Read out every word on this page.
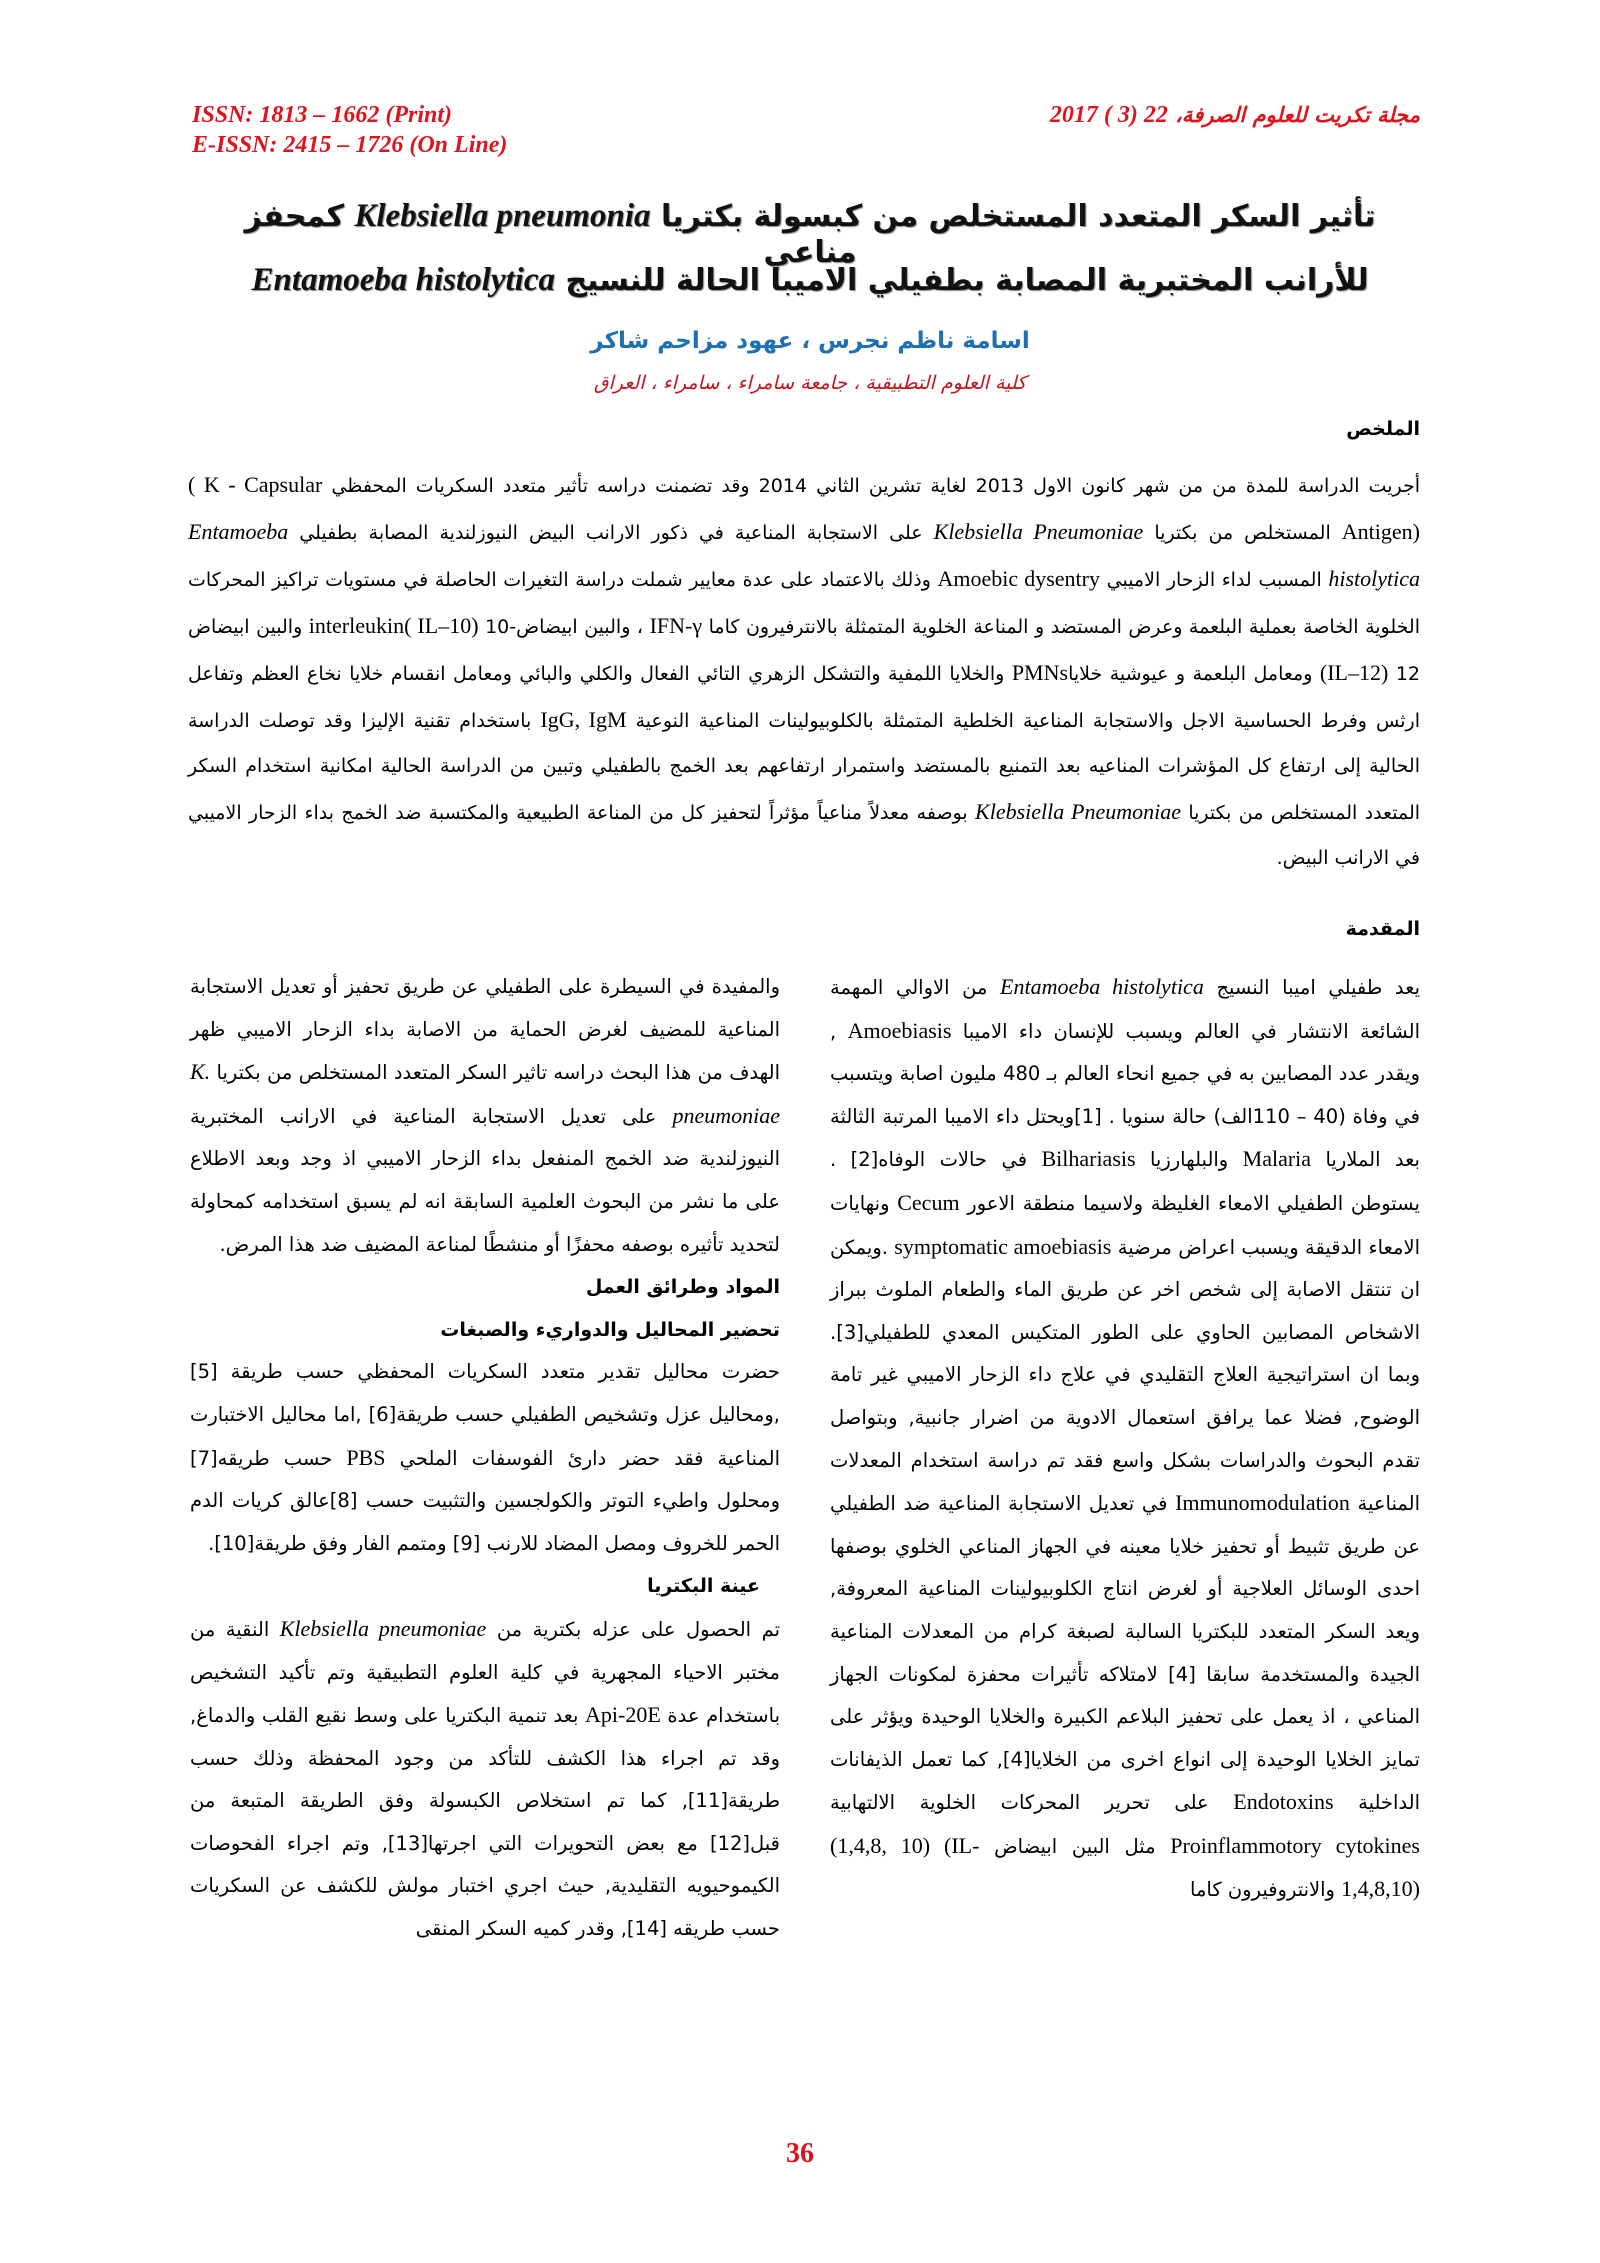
ISSN: 1813 – 1662 (Print)
E-ISSN: 2415 – 1726 (On Line)
مجلة تكريت للعلوم الصرفة، 2017 ( 3) 22
تأثير السكر المتعدد المستخلص من كبسولة بكتريا Klebsiella pneumonia كمحفز مناعي
للأرانب المختبرية المصابة بطفيلي الاميبا الحالة للنسيج Entamoeba histolytica
اسامة ناظم نجرس ، عهود مزاحم شاكر
كلية العلوم التطبيقية ، جامعة سامراء ، سامراء ، العراق
الملخص

أجريت الدراسة للمدة من من شهر كانون الاول 2013 لغاية تشرين الثاني 2014 وقد تضمنت دراسه تأثير متعدد السكريات المحفظي ( K - Capsular Antigen) المستخلص من بكتريا Klebsiella Pneumoniae على الاستجابة المناعية في ذكور الارانب البيض النيوزلندية المصابة بطفيلي Entamoeba histolytica المسبب لداء الزحار الاميبي Amoebic dysentry وذلك بالاعتماد على عدة معايير شملت دراسة التغيرات الحاصلة في مستويات تراكيز المحركات الخلوية الخاصة بعملية البلعمة وعرض المستضد و المناعة الخلوية المتمثلة بالانترفيرون كاما IFN-γ ، والبين ابيضاض-10 interleukin( IL–10) والبين ابيضاض 12 (IL–12) ومعامل البلعمة و عيوشية خلاياPMNs والخلايا اللمفية والتشكل الزهري التائي الفعال والكلي والبائي ومعامل انقسام خلايا نخاع العظم وتفاعل ارثس وفرط الحساسية الاجل والاستجابة المناعية الخلطية المتمثلة بالكلوبيولينات المناعية النوعية IgG, IgM باستخدام تقنية الإليزا وقد توصلت الدراسة الحالية إلى ارتفاع كل المؤشرات المناعيه بعد التمنيع بالمستضد واستمرار ارتفاعهم بعد الخمج بالطفيلي وتبين من الدراسة الحالية امكانية استخدام السكر المتعدد المستخلص من بكتريا Klebsiella Pneumoniae بوصفه معدلاً مناعياً مؤثراً لتحفيز كل من المناعة الطبيعية والمكتسبة ضد الخمج بداء الزحار الاميبي في الارانب البيض.

المقدمة

يعد طفيلي اميبا النسيج Entamoeba histolytica من الاوالي المهمة الشائعة الانتشار في العالم ويسبب للإنسان داء الاميبا Amoebiasis , ويقدر عدد المصابين به في جميع انحاء العالم بـ 480 مليون اصابة ويتسبب في وفاة (40 – 110الف) حالة سنويا . [1]ويحتل داء الاميبا المرتبة الثالثة بعد الملاريا Malaria والبلهارزيا Bilhariasis في حالات الوفاه[2] . يستوطن الطفيلي الامعاء الغليظة ولاسيما منطقة الاعور Cecum ونهايات الامعاء الدقيقة ويسبب اعراض مرضية symptomatic amoebiasis .ويمكن ان تنتقل الاصابة إلى شخص اخر عن طريق الماء والطعام الملوث ببراز الاشخاص المصابين الحاوي على الطور المتكيس المعدي للطفيلي[3]. وبما ان استراتيجية العلاج التقليدي في علاج داء الزحار الاميبي غير تامة الوضوح, فضلا عما يرافق استعمال الادوية من اضرار جانبية, وبتواصل تقدم البحوث والدراسات بشكل واسع فقد تم دراسة استخدام المعدلات المناعية Immunomodulation في تعديل الاستجابة المناعية ضد الطفيلي عن طريق تثبيط أو تحفيز خلايا معينه في الجهاز المناعي الخلوي بوصفها احدى الوسائل العلاجية أو لغرض انتاج الكلوبيولينات المناعية المعروفة, ويعد السكر المتعدد للبكتريا السالبة لصبغة كرام من المعدلات المناعية الجيدة والمستخدمة سابقا [4] لامتلاكه تأثيرات محفزة لمكونات الجهاز المناعي ، اذ يعمل على تحفيز البلاعم الكبيرة والخلايا الوحيدة ويؤثر على تمايز الخلايا الوحيدة إلى انواع اخرى من الخلايا[4], كما تعمل الذيفانات الداخلية Endotoxins على تحرير المحركات الخلوية الالتهابية Proinflammotory cytokines مثل البين ابيضاض (1,4,8, 10) (IL-1,4,8,10) والانتروفيرون كاما

والمفيدة في السيطرة على الطفيلي عن طريق تحفيز أو تعديل الاستجابة المناعية للمضيف لغرض الحماية من الاصابة بداء الزحار الاميبي ظهر الهدف من هذا البحث دراسه تاثير السكر المتعدد المستخلص من بكتريا K. pneumoniae على تعديل الاستجابة المناعية في الارانب المختبرية النيوزلندية ضد الخمج المنفعل بداء الزحار الاميبي اذ وجد وبعد الاطلاع على ما نشر من البحوث العلمية السابقة انه لم يسبق استخدامه كمحاولة لتحديد تأثيره بوصفه محفزًا أو منشطًا لمناعة المضيف ضد هذا المرض.

المواد وطرائق العمل

تحضير المحاليل والدواريء والصبغات

حضرت محاليل تقدير متعدد السكريات المحفظي حسب طريقة [5] ,ومحاليل عزل وتشخيص الطفيلي حسب طريقة[6] ,اما محاليل الاختبارت المناعية فقد حضر دارئ الفوسفات الملحي PBS حسب طريقه[7] ومحلول واطيء التوتر والكولجسين والتثبيت حسب [8]عالق كريات الدم الحمر للخروف ومصل المضاد للارنب [9] ومتمم الفار وفق طريقة[10].

عينة البكتريا

تم الحصول على عزله بكترية من Klebsiella pneumoniae النقية من مختبر الاحياء المجهرية في كلية العلوم التطبيقية وتم تأكيد التشخيص باستخدام عدة Api-20E بعد تنمية البكتريا على وسط نقيع القلب والدماغ, وقد تم اجراء هذا الكشف للتأكد من وجود المحفظة وذلك حسب طريقة[11], كما تم استخلاص الكبسولة وفق الطريقة المتبعة من قبل[12] مع بعض التحويرات التي اجرتها[13], وتم اجراء الفحوصات الكيموحيويه التقليدية, حيث اجري اختبار مولش للكشف عن السكريات حسب طريقه [14], وقدر كميه السكر المنقى

36
